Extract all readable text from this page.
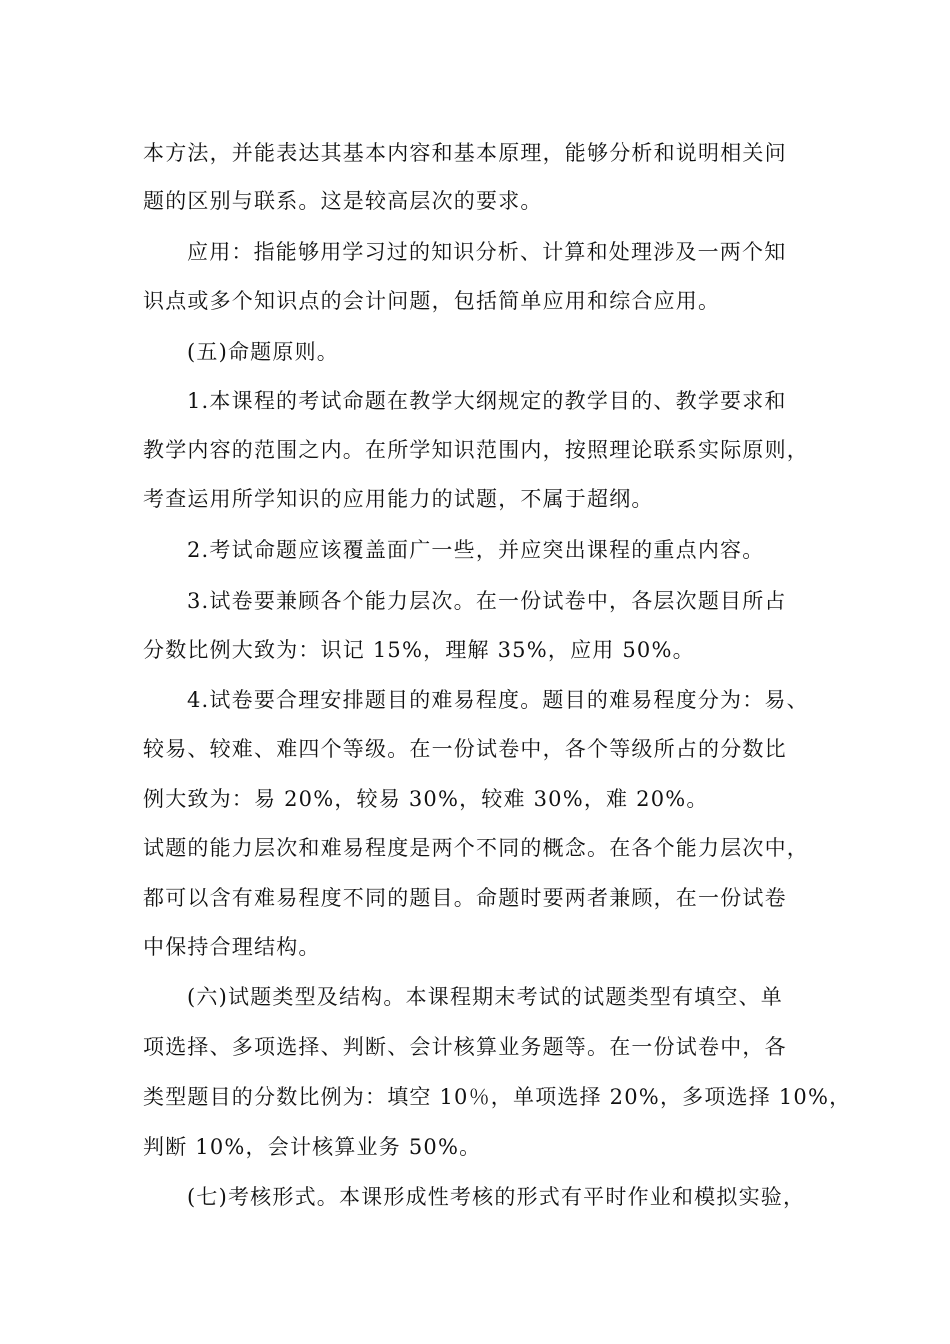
本方法，并能表达其基本内容和基本原理，能够分析和说明相关问

题的区别与联系。这是较高层次的要求。

应用：指能够用学习过的知识分析、计算和处理涉及一两个知

识点或多个知识点的会计问题，包括简单应用和综合应用。

(五)命题原则。

1.本课程的考试命题在教学大纲规定的教学目的、教学要求和

教学内容的范围之内。在所学知识范围内，按照理论联系实际原则，

考查运用所学知识的应用能力的试题，不属于超纲。

2.考试命题应该覆盖面广一些，并应突出课程的重点内容。

3.试卷要兼顾各个能力层次。在一份试卷中，各层次题目所占

分数比例大致为：识记 15%，理解 35%，应用 50%。

4.试卷要合理安排题目的难易程度。题目的难易程度分为：易、

较易、较难、难四个等级。在一份试卷中，各个等级所占的分数比

例大致为：易 20%，较易 30%，较难 30%，难 20%。

试题的能力层次和难易程度是两个不同的概念。在各个能力层次中，

都可以含有难易程度不同的题目。命题时要两者兼顾，在一份试卷

中保持合理结构。

(六)试题类型及结构。本课程期末考试的试题类型有填空、单

项选择、多项选择、判断、会计核算业务题等。在一份试卷中，各

类型题目的分数比例为：填空 10％，单项选择 20%，多项选择 10%，

判断 10%，会计核算业务 50%。

(七)考核形式。本课形成性考核的形式有平时作业和模拟实验，
